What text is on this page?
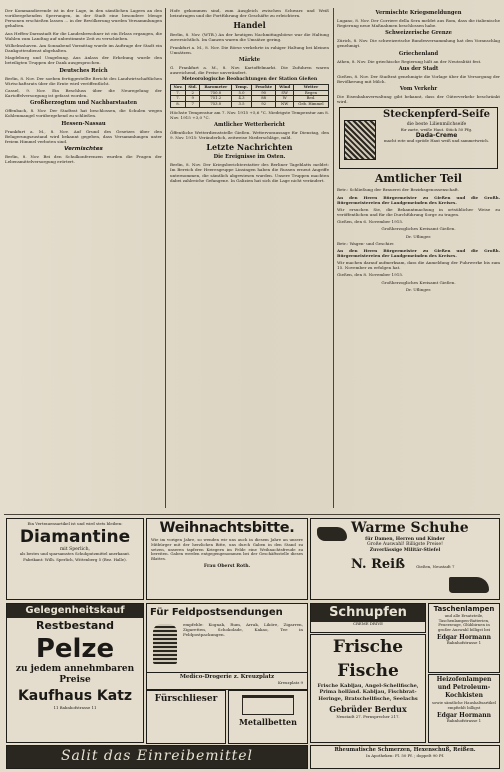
Der Kommandierende ist in der Lage, in den sämtlichen Lagern an den vorübergehenden Sperrungen, in der Stadt eine besondere Menge Personen erschießen lassen ... in der Bevölkerung wurden Versammlungen gehalten.

Aus Heffen-Darmstadt für die Landesbewohner ist ein Erlass ergangen, die Wahlen zum Landtag auf unbestimmte Zeit zu verschieben.

Wilhelmshaven. Am Sonnabend Vormittag wurde im Auftrage der Stadt ein Dankgottesdienst abgehalten.

Magdeburg und Umgebung. Aus Anlass der Erhebung wurde den beteiligten Truppen der Dank ausgesprochen.

Deutsches Reich

Berlin, 8. Nov. Der soeben fertiggestellte Bericht des Landwirtschaftlichen Wirtschaftsrats über die Ernte wird veröffentlicht.

Cassel, 9. Nov. Ein Beschluss über die Neuregelung der Kartoffelversorgung ist gefasst worden.

Großherzogtum und Nachbarstaaten

Offenbach, 8. Nov. Der Stadtrat hat beschlossen, die Schulen wegen Kohlenmangel vorübergehend zu schließen.

Hessen-Nassau

Frankfurt a. M., 8. Nov. Auf Grund des Gesetzes über den Belagerungszustand wird bekannt gegeben, dass Versammlungen unter freiem Himmel verboten sind.

Vermischtes

Berlin, 8. Nov. Bei den Schulkonferenzen wurden die Fragen der Lebensmittelversorgung erörtert.

Hofe gekommen sind, zum Ausgleich zwischen Schwarz und Weiß beizutragen und die Fortführung der Geschäfte zu erleichtern.

Handel

Berlin, 8. Nov. (WTB.) An der heutigen Nachmittagsbörse war die Haltung zuversichtlich. Im Ganzen waren die Umsätze gering.

Frankfurt a. M., 8. Nov. Die Börse verkehrte in ruhiger Haltung bei kleinen Umsätzen.

Märkte

G. Frankfurt a. M., 8. Nov. Kartoffelmarkt. Die Zufuhren waren ausreichend, die Preise unverändert.

Meteorologische Beobachtungen der Station Gießen
Nov.	Std.	Barometer	Temp.	Feuchte	Wind	Wetter
7.	2	750.0	5.0	90	SW	Regen
7.	9	751.2	4.3	88	W	Bed.
8.	7	753.0	3.5	92	NW	Geb. Himmel

Höchste Temperatur am 7. Nov. 1915 +5,6 °C. Niedrigste Temperatur am 8. Nov. 1915 +3,0 °C.

Amtlicher Wetterbericht

Öffentliche Wetterdienststelle Gießen. Wettervoraussage für Dienstag, den 9. Nov. 1915: Veränderlich, zeitweise Niederschläge, mild.

Letzte Nachrichten
Die Ereignisse im Osten.

Berlin, 8. Nov. Der Kriegsberichterstatter des Berliner Tageblatts meldet: Im Bereich der Heeresgruppe Linsingen haben die Russen erneut Angriffe unternommen, die sämtlich abgewiesen wurden. Unsere Truppen machten dabei zahlreiche Gefangene. In Galizien hat sich die Lage nicht verändert.

Vermischte Kriegsmeldungen

Lugano, 8. Nov. Der Corriere della Sera meldet aus Rom, dass die italienische Regierung neue Maßnahmen beschlossen habe.

Schweizerische Grenze

Zürich, 8. Nov. Die schweizerische Bundesversammlung hat den Voranschlag genehmigt.

Griechenland

Athen, 8. Nov. Die griechische Regierung hält an der Neutralität fest.

Aus der Stadt

Gießen, 8. Nov. Der Stadtrat genehmigte die Vorlage über die Versorgung der Bevölkerung mit Milch.

Vom Verkehr

Die Eisenbahnverwaltung gibt bekannt, dass der Güterverkehr beschränkt wird.

Steckenpferd-Seife
die beste Lilienmilchseife
für zarte, weiße Haut. Stück 50 Pfg.
Dada-Creme
macht rote und spröde Haut weiß und sammetweich.
Amtlicher Teil

Betr.: Schließung der Brauerei der Bezirksgenossenschaft.

An den Herrn Bürgermeister zu Gießen und die Großh. Bürgermeistereien der Landgemeinden des Kreises.

Wir ersuchen Sie, die Bekanntmachung in ortsüblicher Weise zu veröffentlichen und für die Durchführung Sorge zu tragen.

Gießen, den 6. November 1915.

Großherzogliches Kreisamt Gießen.

Dr. Uflinger.

Betr.: Wagen- und Geschirr.

An den Herrn Bürgermeister zu Gießen und die Großh. Bürgermeistereien der Landgemeinden des Kreises.

Wir machen darauf aufmerksam, dass die Anmeldung der Fuhrwerke bis zum 15. November zu erfolgen hat.

Gießen, den 8. November 1915.

Großherzogliches Kreisamt Gießen.

Dr. Uflinger.

Ein Vertrauensartikel ist und wird stets bleiben:
Diamantine
mit Sperlich,
als bestes und sparsamstes Schuhputzmittel anerkannt.
Fabrikant: Wilh. Sperlich, Wittenberg 5 (Bez. Halle).
Weihnachtsbitte.

Wie im vorigen Jahre, so wenden wir uns auch in diesem Jahre an unsere Mitbürger mit der herzlichen Bitte, uns durch Gaben in den Stand zu setzen, unseren tapferen Kriegern im Felde eine Weihnachtsfreude zu bereiten. Gaben werden entgegengenommen bei der Geschäftsstelle dieses Blattes.

Frau Oberst Roth.
Warme Schuhe
für Damen, Herren und Kinder
Große Auswahl! Billigste Preise!
Zuverlässige Militär-Stiefel
N. Reiß	Gießen, Neustadt 7
Gelegenheitskauf
Restbestand
Pelze
zu jedem annehmbaren Preise
Kaufhaus Katz
11 Bahnhofstrasse 11
Für Feldpostsendungen

empfehle: Kognak, Rum, Arrak, Liköre, Zigarren, Zigaretten, Schokolade, Kakao, Tee in Feldpostpackungen.

Medico-Drogerie z. Kreuzplatz
Kreuzplatz 9
Fürschlieser
Metallbetten
Schnupfen
CRÈME DRIVE
Frische Fische

Frische Kabljau, Angel-Schellfische, Prima holländ. Kabljau, Fischbrat-Heringe, Bratschellfische, Seelachs

Gebrüder Berdux
Neustadt 27. Fernsprecher 217.
Taschenlampen

und alle Ersatzteile, Taschenlampen-Batterien, Feuerzeuge, Glühbirnen in großer Auswahl billigst bei

Edgar Hormann
Bahnhofstrasse 1
Heizofenlampen und Petroleum-Kochkisten

sowie sämtliche Haushaltsartikel empfiehlt billigst

Edgar Hormann
Bahnhofstrasse 1
Salit das Einreibemittel	Rheumatische Schmerzen, Hexenschuß, Reißen.
In Apotheken: Fl. 50 Pf. ; doppelt 90 Pf.
